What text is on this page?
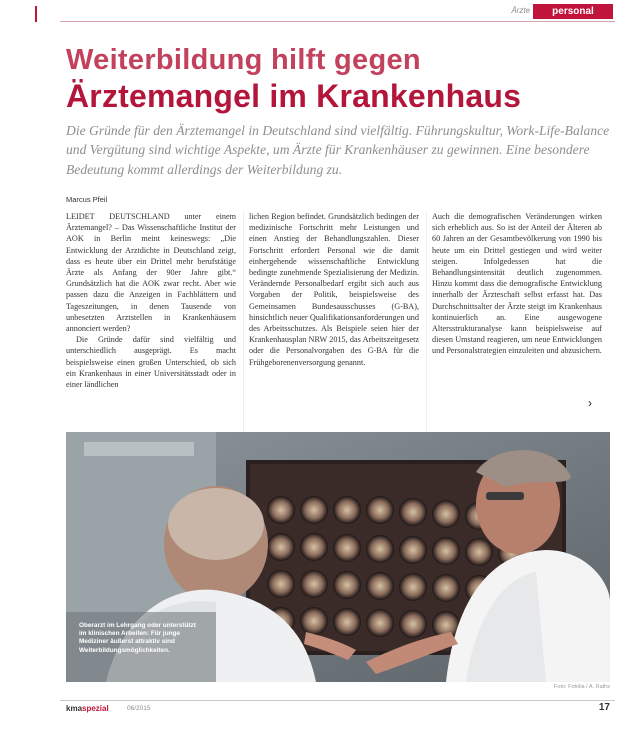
Ärzte	personal
Weiterbildung hilft gegen
Ärztemangel im Krankenhaus
Die Gründe für den Ärztemangel in Deutschland sind vielfältig. Führungskultur, Work-Life-Balance und Vergütung sind wichtige Aspekte, um Ärzte für Krankenhäuser zu gewinnen. Eine besondere Bedeutung kommt allerdings der Weiterbildung zu.
Marcus Pfeil

LEIDET DEUTSCHLAND unter einem Ärztemangel? – Das Wissenschaftliche Institut der AOK in Berlin meint keineswegs: „Die Entwicklung der Arztdichte in Deutschland zeigt, dass es heute über ein Drittel mehr berufstätige Ärzte als Anfang der 90er Jahre gibt.“ Grundsätzlich hat die AOK zwar recht. Aber wie passen dazu die Anzeigen in Fachblättern und Tageszeitungen, in denen Tausende von unbesetzten Arztstellen in Krankenhäusern annonciert werden?

Die Gründe dafür sind vielfältig und unterschiedlich ausgeprägt. Es macht beispielsweise einen großen Unterschied, ob sich ein Krankenhaus in einer Universitätsstadt oder in einer ländlichen

lichen Region befindet. Grundsätzlich bedingen der medizinische Fortschritt mehr Leistungen und einen Anstieg der Behandlungszahlen. Dieser Fortschritt erfordert Personal wie die damit einhergehende wissenschaftliche Entwicklung bedingte zunehmende Spezialisierung der Medizin. Verändernde Personalbedarf ergibt sich auch aus Vorgaben der Politik, beispielsweise des Gemeinsamen Bundesausschusses (G-BA), hinsichtlich neuer Qualifikationsanforderungen und des Arbeitsschutzes. Als Beispiele seien hier der Krankenhausplan NRW 2015, das Arbeitszeitgesetz oder die Personalvorgaben des G-BA für die Frühgeborenenversorgung genannt.

Auch die demografischen Veränderungen wirken sich erheblich aus. So ist der Anteil der Älteren ab 60 Jahren an der Gesamtbevölkerung von 1990 bis heute um ein Drittel gestiegen und wird weiter steigen. Infolgedessen hat die Behandlungsintensität deutlich zugenommen. Hinzu kommt dass die demografische Entwicklung innerhalb der Ärzteschaft selbst erfasst hat. Das Durchschnittsalter der Ärzte steigt im Krankenhaus kontinuierlich an. Eine ausgewogene Altersstrukturanalyse kann beispielsweise auf diesen Umstand reagieren, um neue Entwicklungen und Personalstrategien einzuleiten und abzusichern.

›
Oberarzt im Lehrgang oder unterstützt im klinischen Arbeiten: Für junge Mediziner äußerst attraktiv sind Weiterbildungsmöglichkeiten.
Foto: Fotolia / A. Raths
kmaspezial	06/2015	17
